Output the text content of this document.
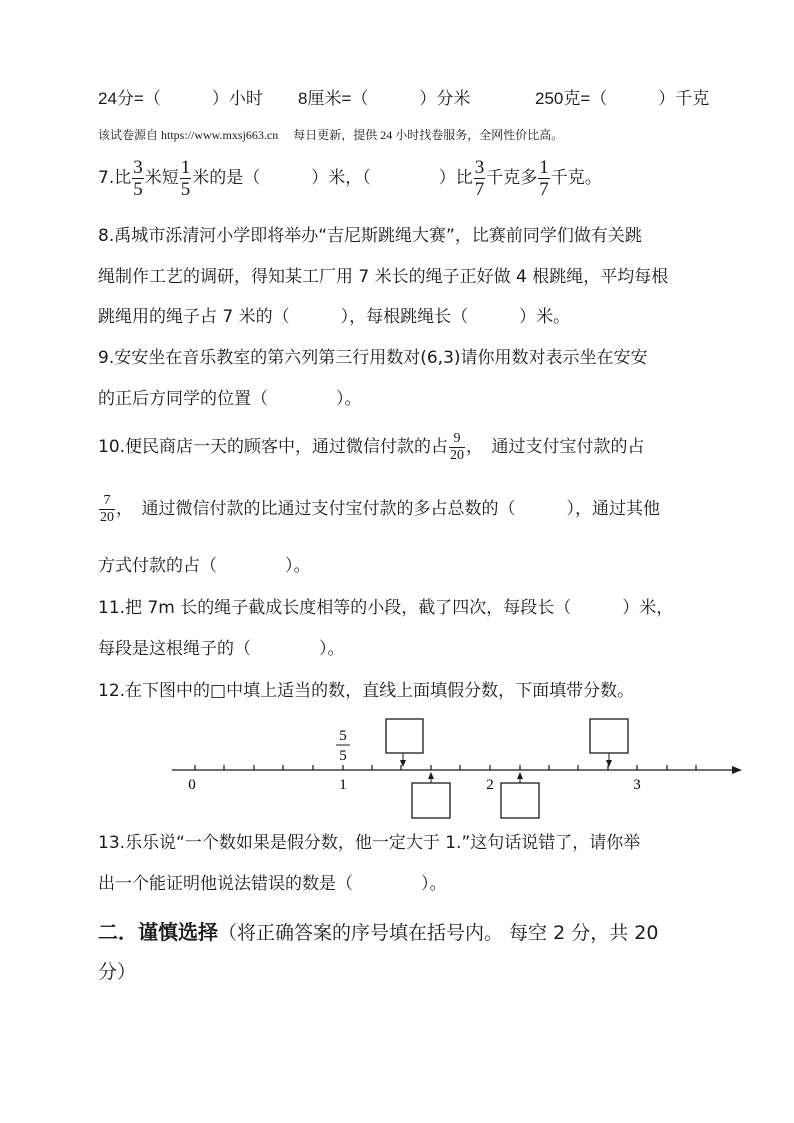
24分=（　　　）小时 8厘米=（　　　）分米	250克=（　　　）千克
该试卷源自 https://www.mxsj663.cn　 每日更新，提供 24 小时找卷服务，全网性价比高。
7.比 $\frac{3}{5}$ 米短 $\frac{1}{5}$ 米的是（　　　）米，（　　　　）比 $\frac{3}{7}$ 千克多 $\frac{1}{7}$ 千克。
8.禹城市泺清河小学即将举办“吉尼斯跳绳大赛”，比赛前同学们做有关跳
绳制作工艺的调研，得知某工厂用 7 米长的绳子正好做 4 根跳绳，平均每根
跳绳用的绳子占 7 米的（　　　），每根跳绳长（　　　）米。
9.安安坐在音乐教室的第六列第三行用数对(6,3)请你用数对表示坐在安安
的正后方同学的位置（　　　　）。
10.便民商店一天的顾客中，通过微信付款的占 $\frac{9}{20}$ ，　通过支付宝付款的占
$\frac{7}{20}$ ，　通过微信付款的比通过支付宝付款的多占总数的（　　　），通过其他
方式付款的占（　　　　）。
11.把 7m 长的绳子截成长度相等的小段，截了四次，每段长（　　　）米，
每段是这根绳子的（　　　　）。
12.在下图中的□中填上适当的数，直线上面填假分数，下面填带分数。
0	1	2	3
5
5
13.乐乐说“一个数如果是假分数，他一定大于 1.”这句话说错了，请你举
出一个能证明他说法错误的数是（　　　　）。
二．谨慎选择（将正确答案的序号填在括号内。 每空 2 分，共 20
分）
